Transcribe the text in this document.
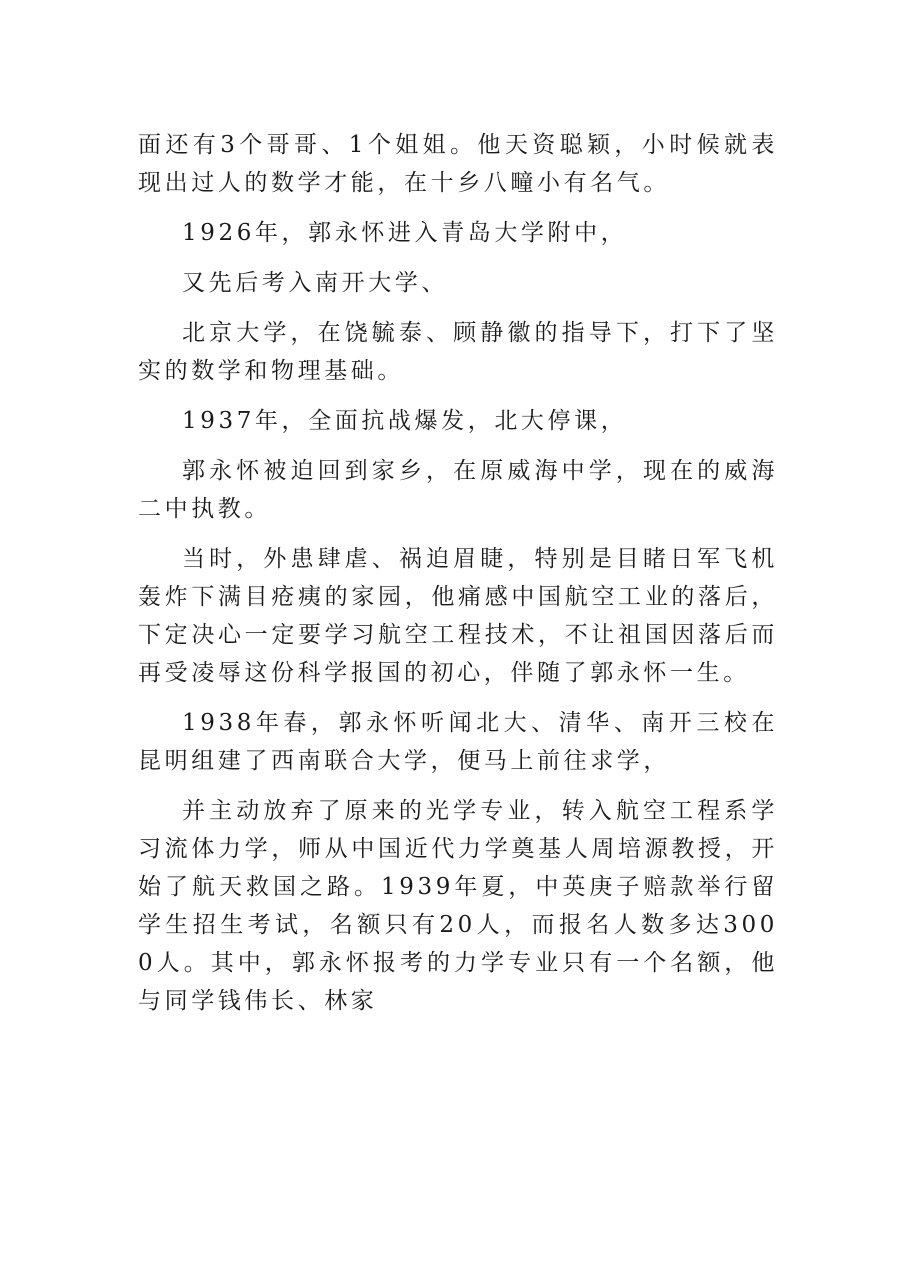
面还有3个哥哥、1个姐姐。他天资聪颖，小时候就表现出过人的数学才能，在十乡八疃小有名气。

1926年，郭永怀进入青岛大学附中，

又先后考入南开大学、

北京大学，在饶毓泰、顾静徽的指导下，打下了坚实的数学和物理基础。

1937年，全面抗战爆发，北大停课，

郭永怀被迫回到家乡，在原威海中学，现在的威海二中执教。

当时，外患肆虐、祸迫眉睫，特别是目睹日军飞机轰炸下满目疮痍的家园，他痛感中国航空工业的落后，下定决心一定要学习航空工程技术，不让祖国因落后而再受凌辱这份科学报国的初心，伴随了郭永怀一生。

1938年春，郭永怀听闻北大、清华、南开三校在昆明组建了西南联合大学，便马上前往求学，

并主动放弃了原来的光学专业，转入航空工程系学习流体力学，师从中国近代力学奠基人周培源教授，开始了航天救国之路。1939年夏，中英庚子赔款举行留学生招生考试，名额只有20人，而报名人数多达3000人。其中，郭永怀报考的力学专业只有一个名额，他与同学钱伟长、林家
